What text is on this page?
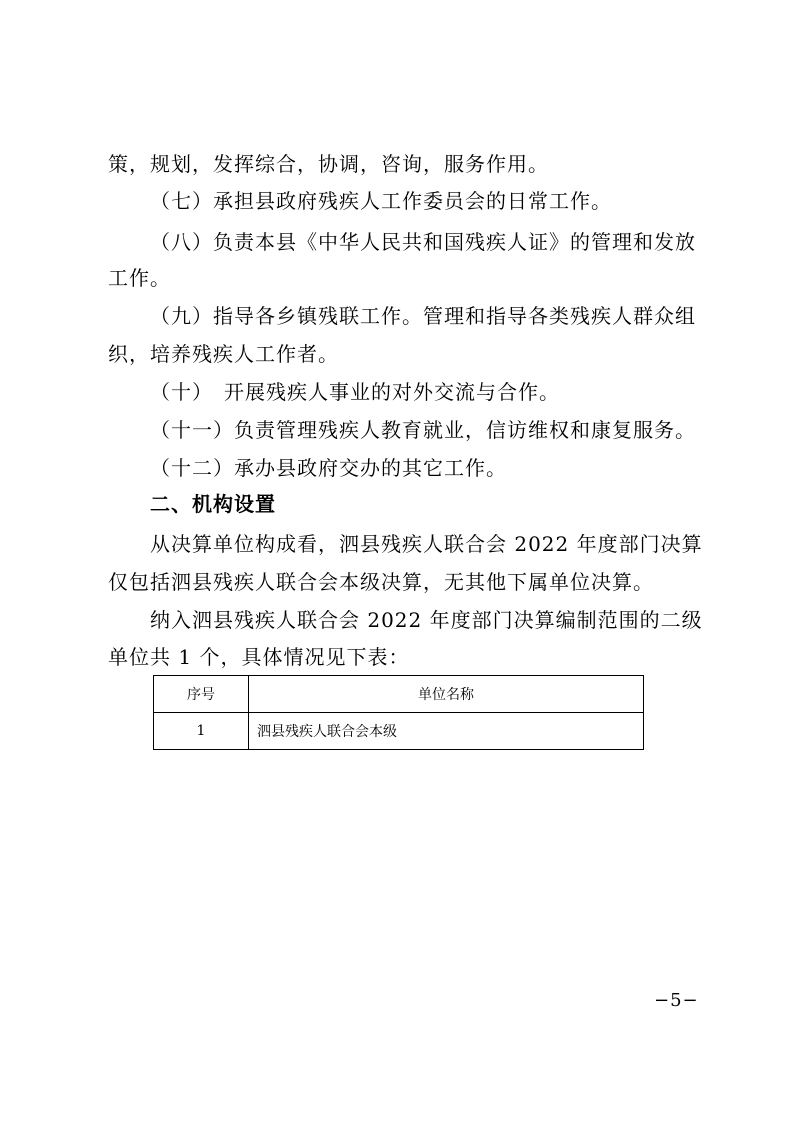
策，规划，发挥综合，协调，咨询，服务作用。
（七）承担县政府残疾人工作委员会的日常工作。
（八）负责本县《中华人民共和国残疾人证》的管理和发放
工作。
（九）指导各乡镇残联工作。管理和指导各类残疾人群众组
织，培养残疾人工作者。
（十）　开展残疾人事业的对外交流与合作。
（十一）负责管理残疾人教育就业，信访维权和康复服务。
（十二）承办县政府交办的其它工作。
二、机构设置
从决算单位构成看，泗县残疾人联合会 2022 年度部门决算
仅包括泗县残疾人联合会本级决算，无其他下属单位决算。
纳入泗县残疾人联合会 2022 年度部门决算编制范围的二级
单位共 1 个，具体情况见下表：
序号	单位名称
1	泗县残疾人联合会本级
−5−
